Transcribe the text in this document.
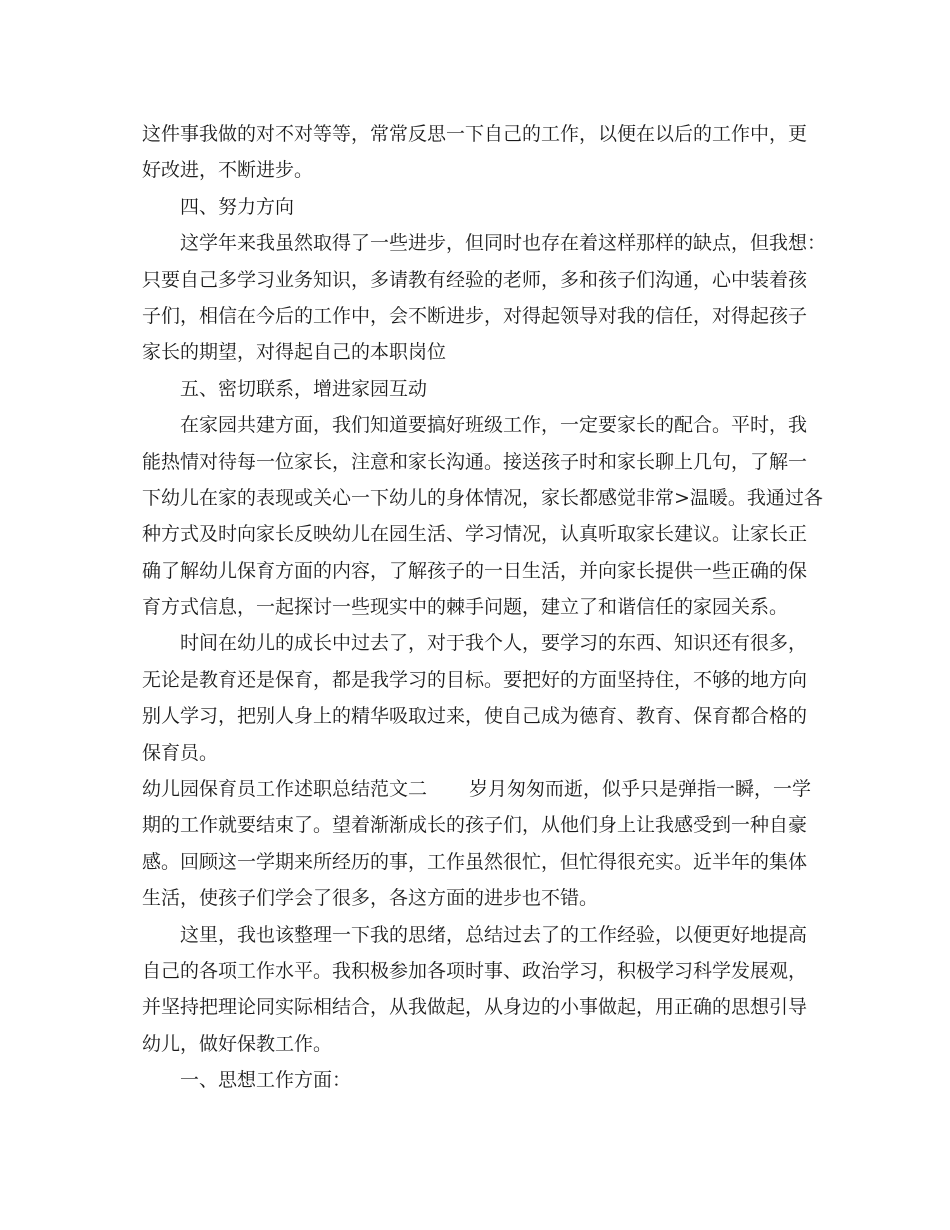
这件事我做的对不对等等，常常反思一下自己的工作，以便在以后的工作中，更
好改进，不断进步。
四、努力方向
这学年来我虽然取得了一些进步，但同时也存在着这样那样的缺点，但我想：
只要自己多学习业务知识，多请教有经验的老师，多和孩子们沟通，心中装着孩
子们，相信在今后的工作中，会不断进步，对得起领导对我的信任，对得起孩子
家长的期望，对得起自己的本职岗位
五、密切联系，增进家园互动
在家园共建方面，我们知道要搞好班级工作，一定要家长的配合。平时，我
能热情对待每一位家长，注意和家长沟通。接送孩子时和家长聊上几句，了解一
下幼儿在家的表现或关心一下幼儿的身体情况，家长都感觉非常>温暖。我通过各
种方式及时向家长反映幼儿在园生活、学习情况，认真听取家长建议。让家长正
确了解幼儿保育方面的内容，了解孩子的一日生活，并向家长提供一些正确的保
育方式信息，一起探讨一些现实中的棘手问题，建立了和谐信任的家园关系。
时间在幼儿的成长中过去了，对于我个人，要学习的东西、知识还有很多，
无论是教育还是保育，都是我学习的目标。要把好的方面坚持住，不够的地方向
别人学习，把别人身上的精华吸取过来，使自己成为德育、教育、保育都合格的
保育员。
幼儿园保育员工作述职总结范文二 岁月匆匆而逝，似乎只是弹指一瞬，一学
期的工作就要结束了。望着渐渐成长的孩子们，从他们身上让我感受到一种自豪
感。回顾这一学期来所经历的事，工作虽然很忙，但忙得很充实。近半年的集体
生活，使孩子们学会了很多，各这方面的进步也不错。
这里，我也该整理一下我的思绪，总结过去了的工作经验，以便更好地提高
自己的各项工作水平。我积极参加各项时事、政治学习，积极学习科学发展观，
并坚持把理论同实际相结合，从我做起，从身边的小事做起，用正确的思想引导
幼儿，做好保教工作。
一、思想工作方面：
